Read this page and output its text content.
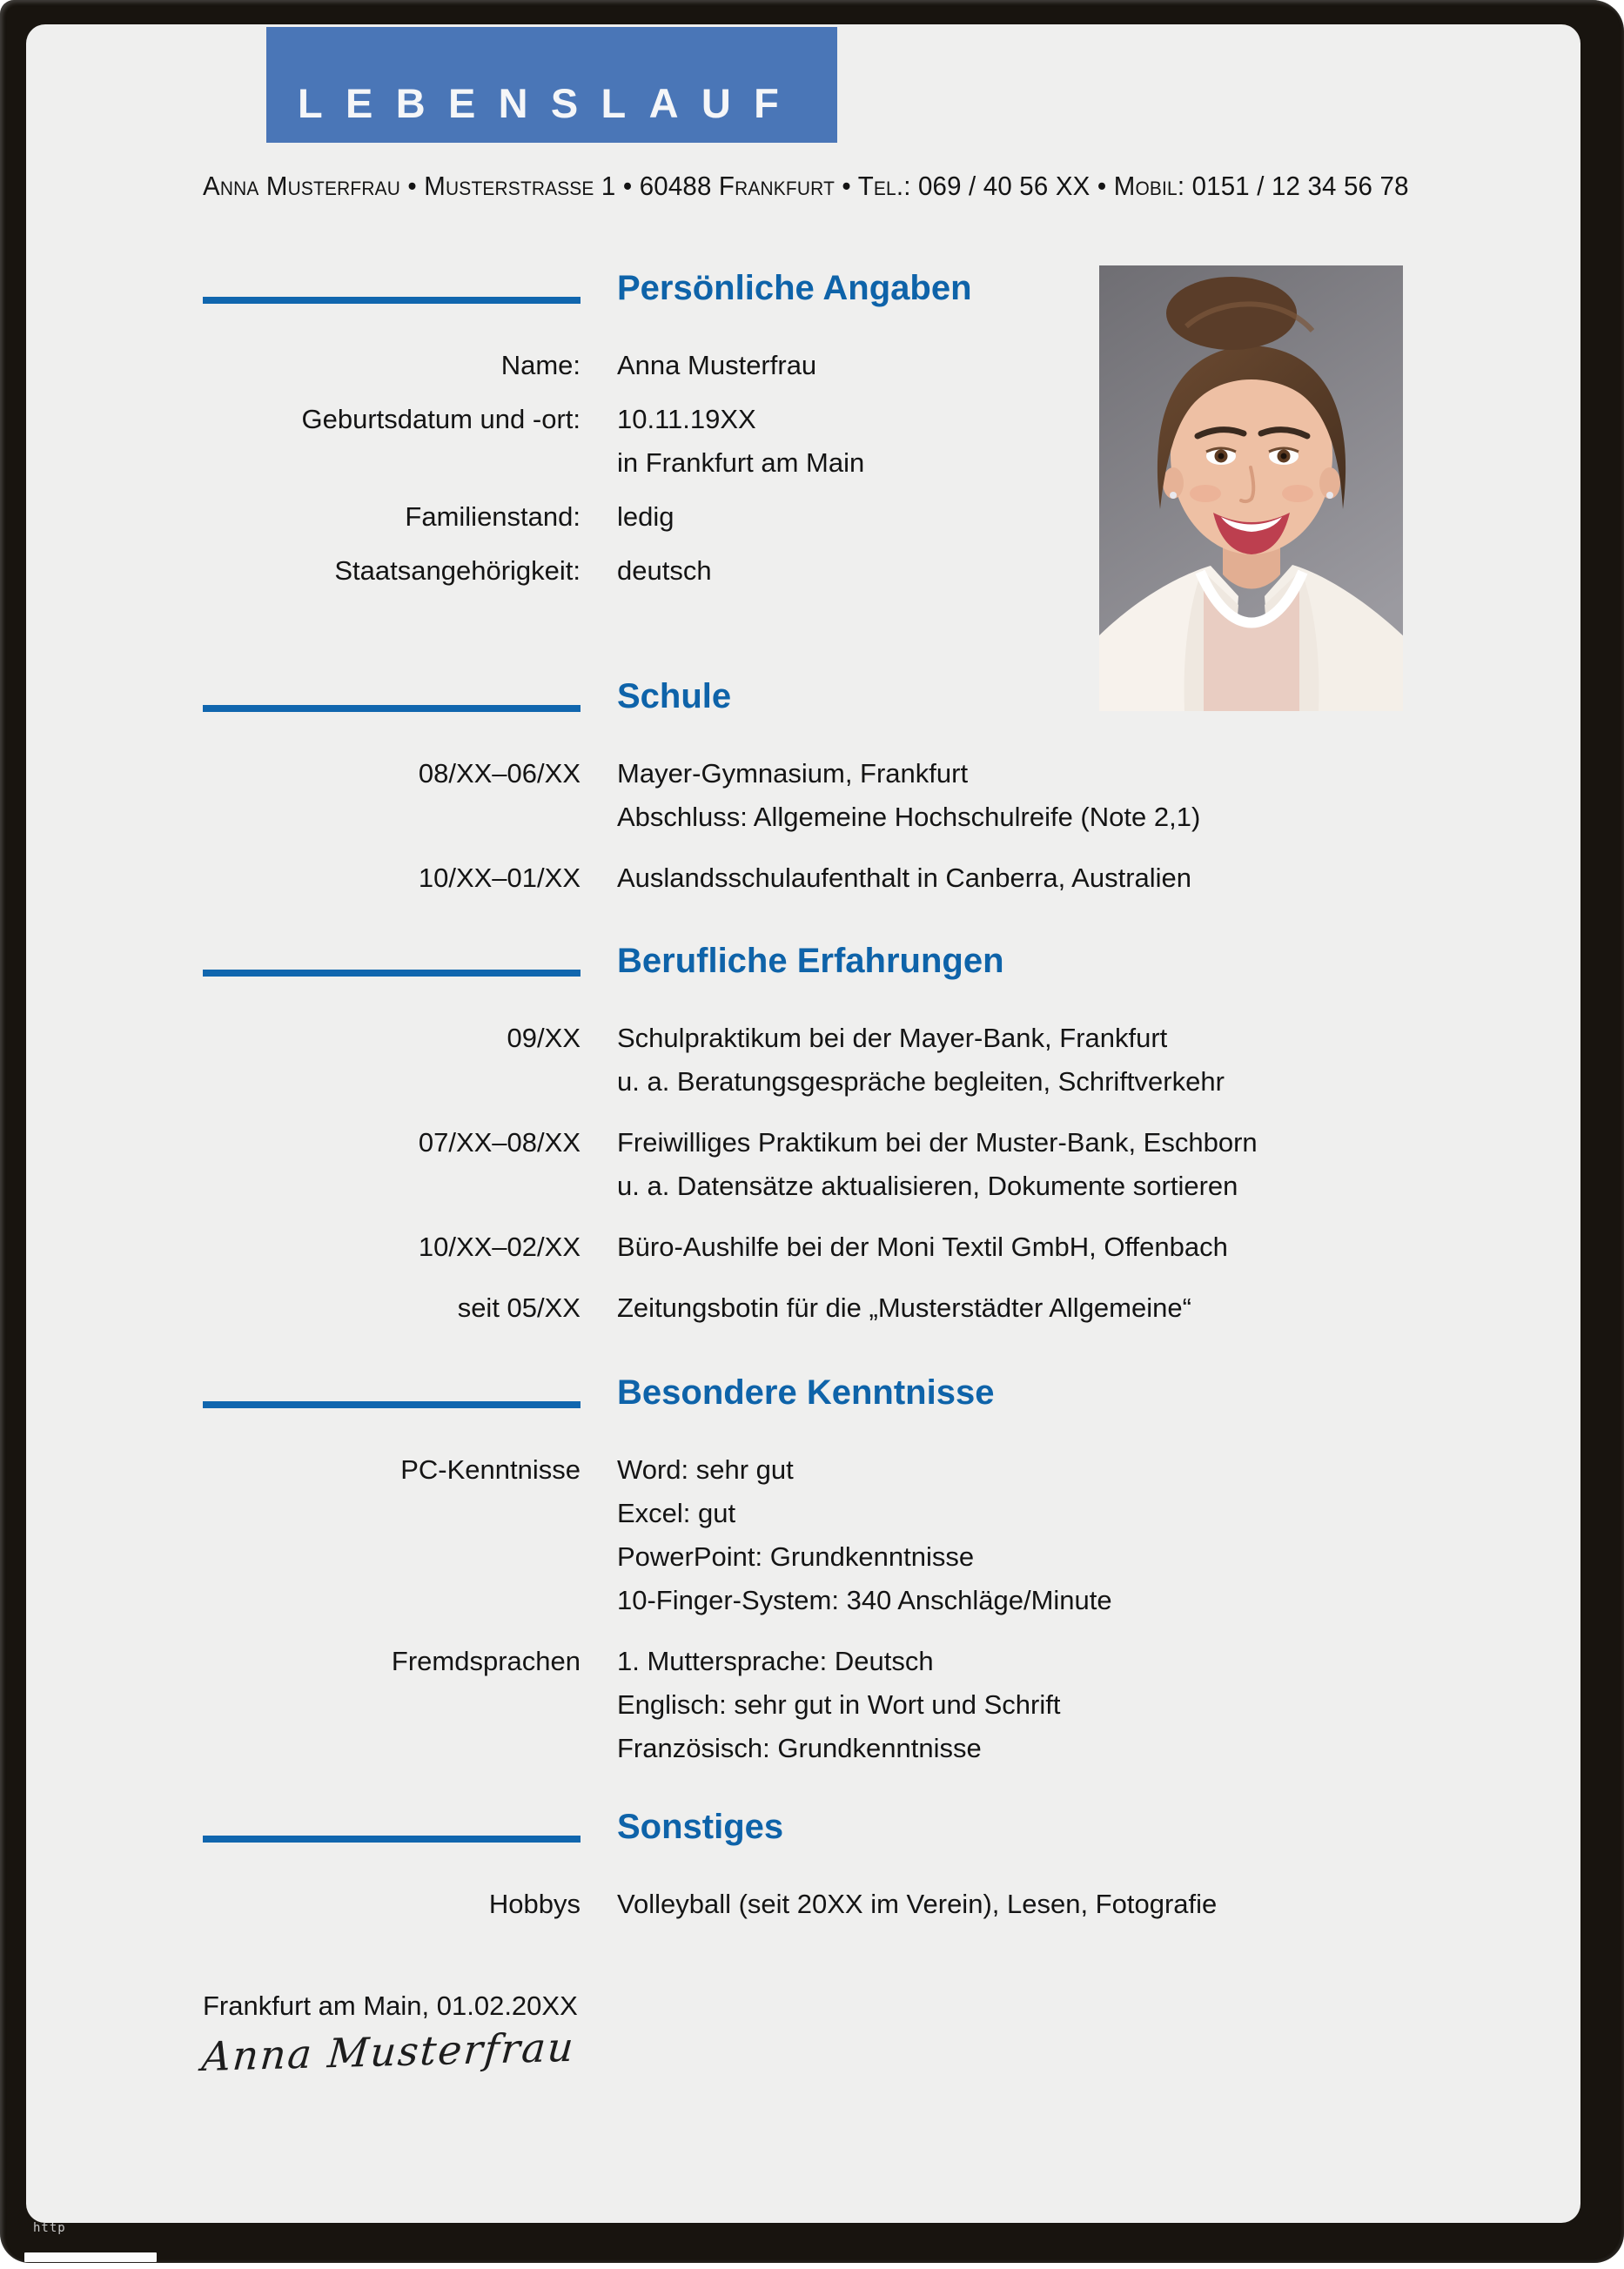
LEBENSLAUF
Anna Musterfrau • Musterstraße 1 • 60488 Frankfurt • Tel.: 069 / 40 56 XX • Mobil: 0151 / 12 34 56 78
Persönliche Angaben
Name: Anna Musterfrau
Geburtsdatum und -ort: 10.11.19XX
in Frankfurt am Main
Familienstand: ledig
Staatsangehörigkeit: deutsch
Schule
08/XX–06/XX Mayer-Gymnasium, Frankfurt
Abschluss: Allgemeine Hochschulreife (Note 2,1)
10/XX–01/XX Auslandsschulaufenthalt in Canberra, Australien
Berufliche Erfahrungen
09/XX Schulpraktikum bei der Mayer-Bank, Frankfurt
u. a. Beratungsgespräche begleiten, Schriftverkehr
07/XX–08/XX Freiwilliges Praktikum bei der Muster-Bank, Eschborn
u. a. Datensätze aktualisieren, Dokumente sortieren
10/XX–02/XX Büro-Aushilfe bei der Moni Textil GmbH, Offenbach
seit 05/XX Zeitungsbotin für die „Musterstädter Allgemeine“
Besondere Kenntnisse
PC-Kenntnisse Word: sehr gut
Excel: gut
PowerPoint: Grundkenntnisse
10-Finger-System: 340 Anschläge/Minute
Fremdsprachen 1. Muttersprache: Deutsch
Englisch: sehr gut in Wort und Schrift
Französisch: Grundkenntnisse
Sonstiges
Hobbys Volleyball (seit 20XX im Verein), Lesen, Fotografie
Frankfurt am Main, 01.02.20XX
Anna Musterfrau
http
